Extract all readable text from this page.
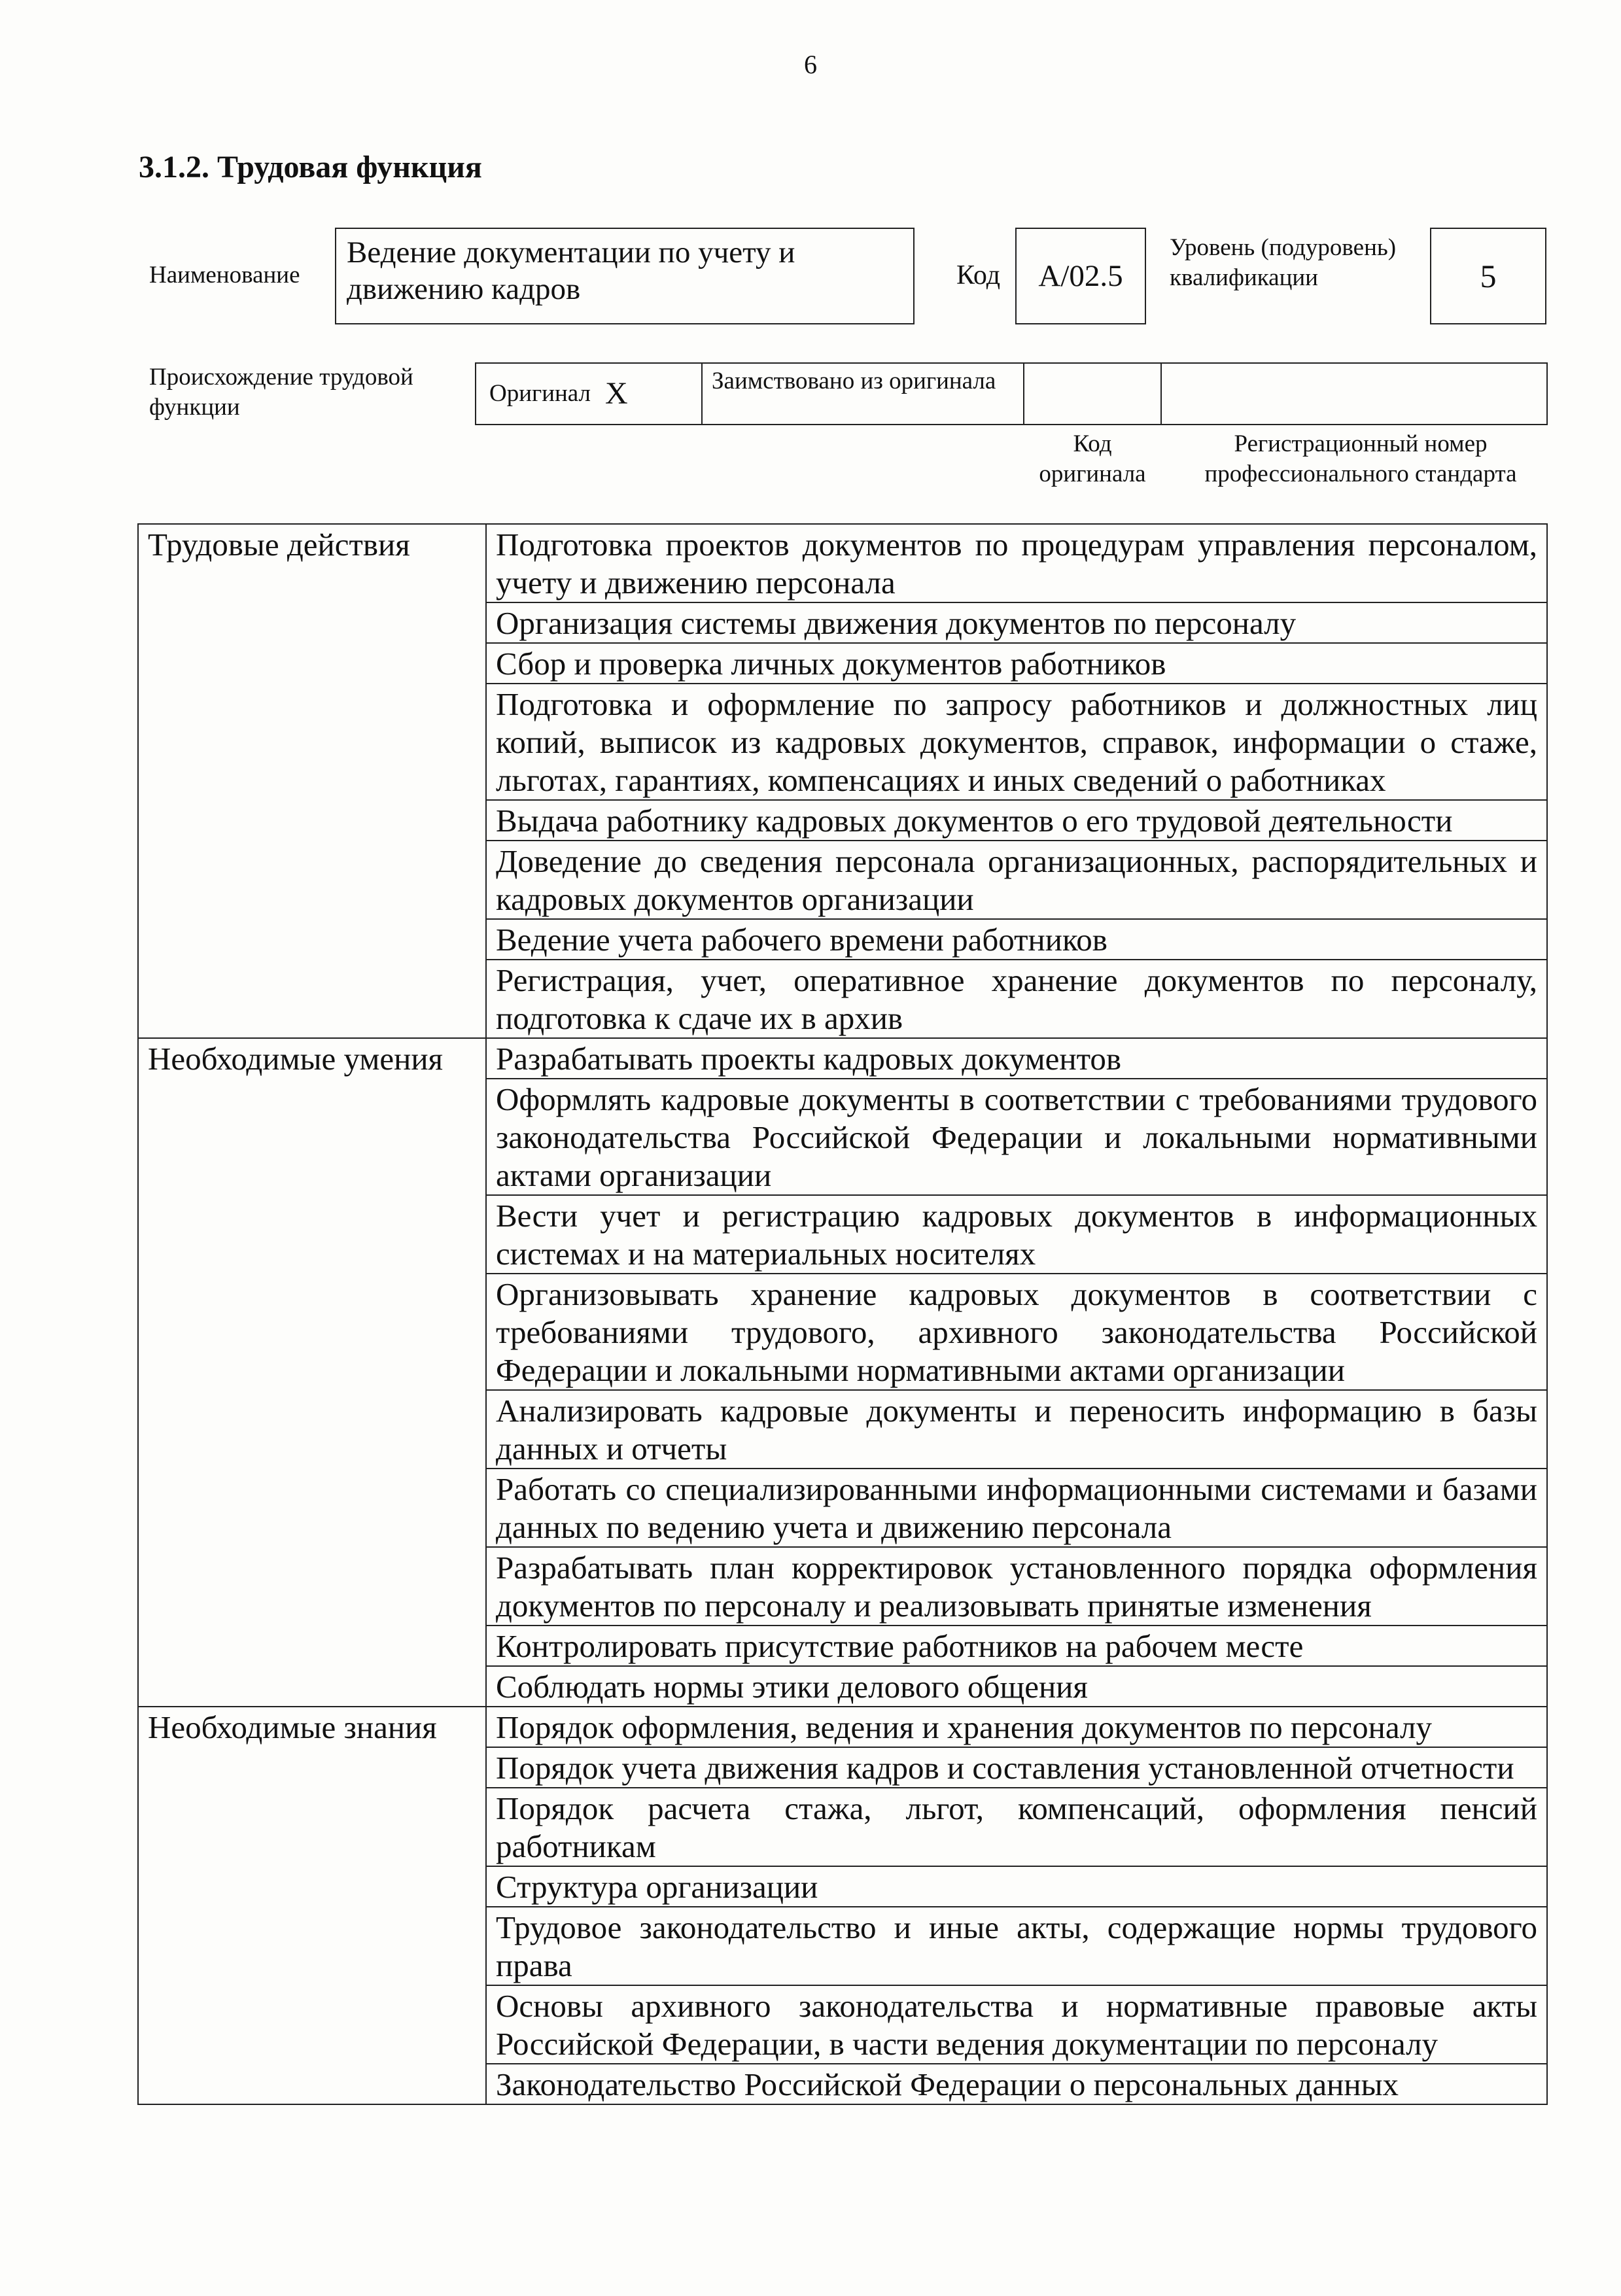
6
3.1.2. Трудовая функция
Наименование
Ведение документации по учету и движению кадров	Код	А/02.5
Уровень (подуровень) квалификации	5
Происхождение трудовой функции
Оригинал Х	Заимствовано из оригинала
Код оригинала
Регистрационный номер профессионального стандарта
Трудовые действия	Подготовка проектов документов по процедурам управления персоналом, учету и движению персонала
	Организация системы движения документов по персоналу
	Сбор и проверка личных документов работников
	Подготовка и оформление по запросу работников и должностных лиц копий, выписок из кадровых документов, справок, информации о стаже, льготах, гарантиях, компенсациях и иных сведений о работниках
	Выдача работнику кадровых документов о его трудовой деятельности
	Доведение до сведения персонала организационных, распорядительных и кадровых документов организации
	Ведение учета рабочего времени работников
	Регистрация, учет, оперативное хранение документов по персоналу, подготовка к сдаче их в архив
Необходимые умения	Разрабатывать проекты кадровых документов
	Оформлять кадровые документы в соответствии с требованиями трудового законодательства Российской Федерации и локальными нормативными актами организации
	Вести учет и регистрацию кадровых документов в информационных системах и на материальных носителях
	Организовывать хранение кадровых документов в соответствии с требованиями трудового, архивного законодательства Российской Федерации и локальными нормативными актами организации
	Анализировать кадровые документы и переносить информацию в базы данных и отчеты
	Работать со специализированными информационными системами и базами данных по ведению учета и движению персонала
	Разрабатывать план корректировок установленного порядка оформления документов по персоналу и реализовывать принятые изменения
	Контролировать присутствие работников на рабочем месте
	Соблюдать нормы этики делового общения
Необходимые знания	Порядок оформления, ведения и хранения документов по персоналу
	Порядок учета движения кадров и составления установленной отчетности
	Порядок расчета стажа, льгот, компенсаций, оформления пенсий работникам
	Структура организации
	Трудовое законодательство и иные акты, содержащие нормы трудового права
	Основы архивного законодательства и нормативные правовые акты Российской Федерации, в части ведения документации по персоналу
	Законодательство Российской Федерации о персональных данных
